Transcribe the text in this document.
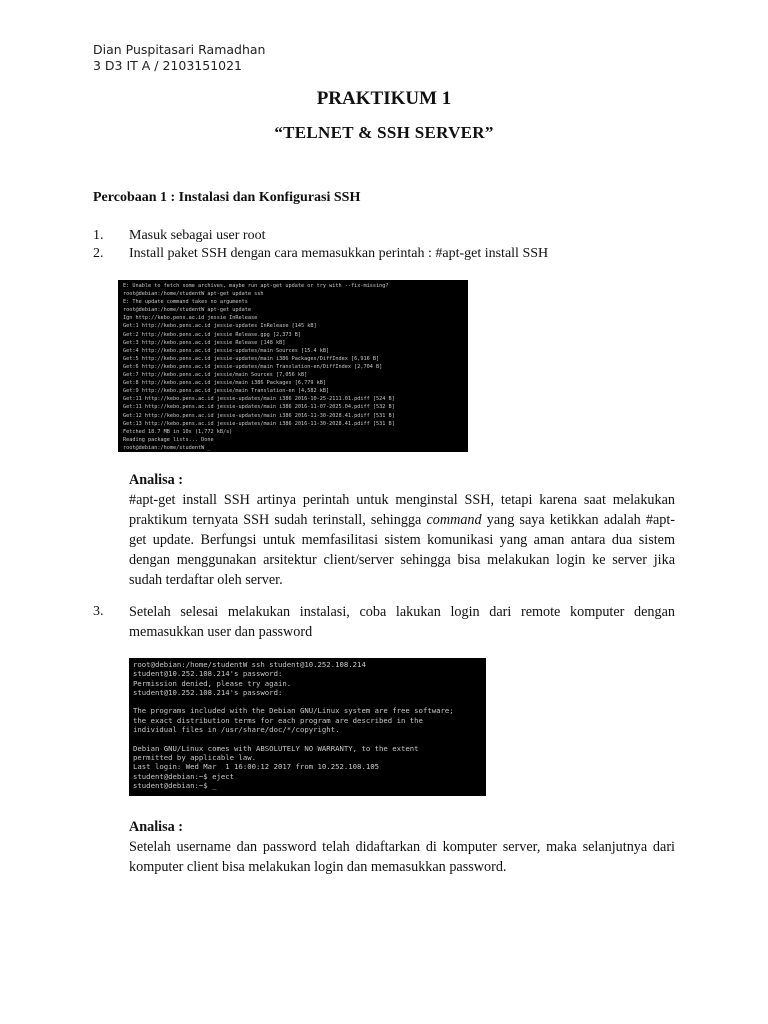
Dian Puspitasari Ramadhan
3 D3 IT A / 2103151021
PRAKTIKUM 1
“TELNET & SSH SERVER”
Percobaan 1 : Instalasi dan Konfigurasi SSH
1. Masuk sebagai user root
2. Install paket SSH dengan cara memasukkan perintah : #apt-get install SSH
E: Unable to fetch some archives, maybe run apt-get update or try with --fix-missing?
root@debian:/home/studentW apt-get update ssh
E: The update command takes no arguments
root@debian:/home/studentW apt-get update
Ign http://kebo.pens.ac.id jessie InRelease
Get:1 http://kebo.pens.ac.id jessie-updates InRelease [145 kB]
Get:2 http://kebo.pens.ac.id jessie Release.gpg [2,373 B]
Get:3 http://kebo.pens.ac.id jessie Release [148 kB]
Get:4 http://kebo.pens.ac.id jessie-updates/main Sources [15.4 kB]
Get:5 http://kebo.pens.ac.id jessie-updates/main i386 Packages/DiffIndex [6,916 B]
Get:6 http://kebo.pens.ac.id jessie-updates/main Translation-en/DiffIndex [2,704 B]
Get:7 http://kebo.pens.ac.id jessie/main Sources [7,056 kB]
Get:8 http://kebo.pens.ac.id jessie/main i386 Packages [6,779 kB]
Get:9 http://kebo.pens.ac.id jessie/main Translation-en [4,582 kB]
Get:11 http://kebo.pens.ac.id jessie-updates/main i386 2016-10-25-2111.01.pdiff [524 B]
Get:11 http://kebo.pens.ac.id jessie-updates/main i386 2016-11-07-2025.04.pdiff [532 B]
Get:12 http://kebo.pens.ac.id jessie-updates/main i386 2016-11-30-2028.41.pdiff [531 B]
Get:13 http://kebo.pens.ac.id jessie-updates/main i386 2016-11-30-2028.41.pdiff [531 B]
Fetched 18.7 MB in 10s (1,772 kB/s)
Reading package lists... Done
root@debian:/home/studentW _
Analisa :
#apt-get install SSH artinya perintah untuk menginstal SSH, tetapi karena saat melakukan praktikum ternyata SSH sudah terinstall, sehingga command yang saya ketikkan adalah #apt-get update. Berfungsi untuk memfasilitasi sistem komunikasi yang aman antara dua sistem dengan menggunakan arsitektur client/server sehingga bisa melakukan login ke server jika sudah terdaftar oleh server.
3. Setelah selesai melakukan instalasi, coba lakukan login dari remote komputer dengan memasukkan user dan password
root@debian:/home/studentW ssh student@10.252.108.214
student@10.252.108.214's password:
Permission denied, please try again.
student@10.252.108.214's password:

The programs included with the Debian GNU/Linux system are free software;
the exact distribution terms for each program are described in the
individual files in /usr/share/doc/*/copyright.

Debian GNU/Linux comes with ABSOLUTELY NO WARRANTY, to the extent
permitted by applicable law.
Last login: Wed Mar  1 16:00:12 2017 from 10.252.108.105
student@debian:~$ eject
student@debian:~$ _
Analisa :
Setelah username dan password telah didaftarkan di komputer server, maka selanjutnya dari komputer client bisa melakukan login dan memasukkan password.
